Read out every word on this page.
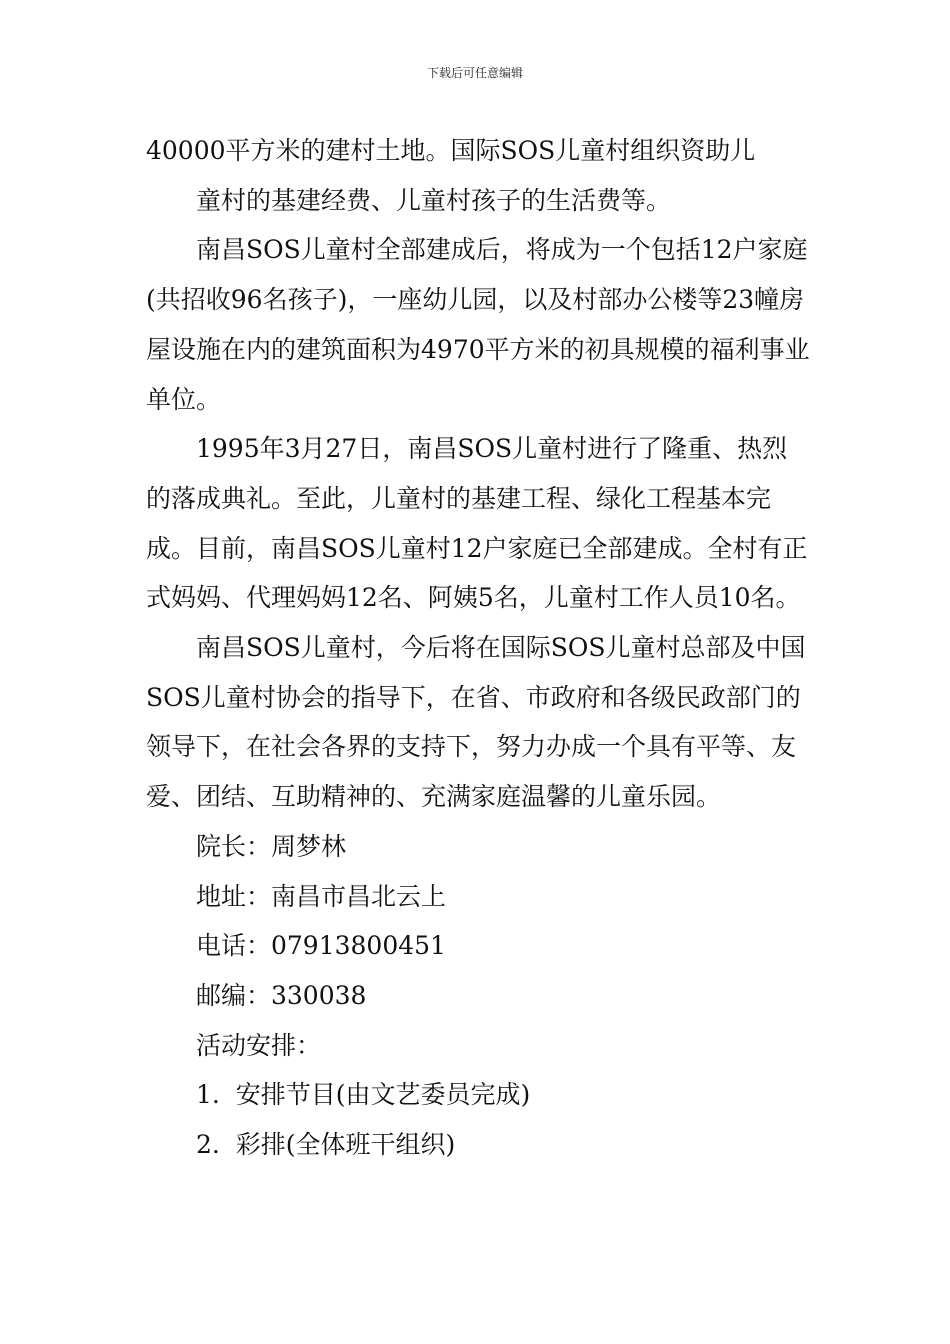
下载后可任意编辑

40000平方米的建村土地。国际SOS儿童村组织资助儿

童村的基建经费、儿童村孩子的生活费等。

南昌SOS儿童村全部建成后，将成为一个包括12户家庭(共招收96名孩子)，一座幼儿园，以及村部办公楼等23幢房屋设施在内的建筑面积为4970平方米的初具规模的福利事业单位。

1995年3月27日，南昌SOS儿童村进行了隆重、热烈的落成典礼。至此，儿童村的基建工程、绿化工程基本完成。目前，南昌SOS儿童村12户家庭已全部建成。全村有正式妈妈、代理妈妈12名、阿姨5名，儿童村工作人员10名。

南昌SOS儿童村，今后将在国际SOS儿童村总部及中国SOS儿童村协会的指导下，在省、市政府和各级民政部门的领导下，在社会各界的支持下，努力办成一个具有平等、友爱、团结、互助精神的、充满家庭温馨的儿童乐园。

院长：周梦林

地址：南昌市昌北云上

电话：07913800451

邮编：330038

活动安排：

1.  安排节目(由文艺委员完成)

2.  彩排(全体班干组织)
